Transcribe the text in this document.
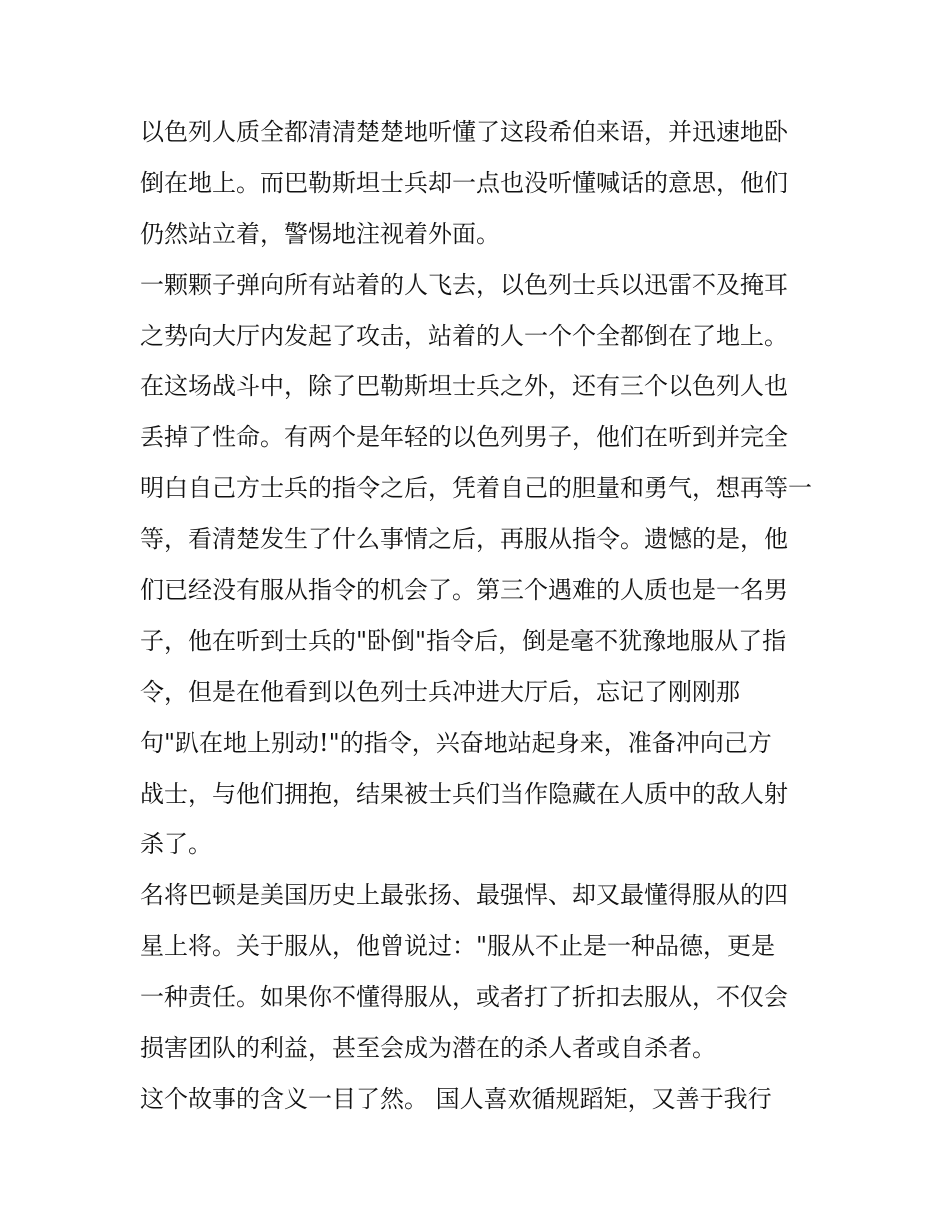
以色列人质全都清清楚楚地听懂了这段希伯来语，并迅速地卧
倒在地上。而巴勒斯坦士兵却一点也没听懂喊话的意思，他们
仍然站立着，警惕地注视着外面。
一颗颗子弹向所有站着的人飞去，以色列士兵以迅雷不及掩耳
之势向大厅内发起了攻击，站着的人一个个全都倒在了地上。
在这场战斗中，除了巴勒斯坦士兵之外，还有三个以色列人也
丢掉了性命。有两个是年轻的以色列男子，他们在听到并完全
明白自己方士兵的指令之后，凭着自己的胆量和勇气，想再等一
等，看清楚发生了什么事情之后，再服从指令。遗憾的是，他
们已经没有服从指令的机会了。第三个遇难的人质也是一名男
子，他在听到士兵的"卧倒"指令后，倒是毫不犹豫地服从了指
令，但是在他看到以色列士兵冲进大厅后，忘记了刚刚那
句"趴在地上别动!"的指令，兴奋地站起身来，准备冲向己方
战士，与他们拥抱，结果被士兵们当作隐藏在人质中的敌人射
杀了。
名将巴顿是美国历史上最张扬、最强悍、却又最懂得服从的四
星上将。关于服从，他曾说过："服从不止是一种品德，更是
一种责任。如果你不懂得服从，或者打了折扣去服从，不仅会
损害团队的利益，甚至会成为潜在的杀人者或自杀者。
这个故事的含义一目了然。 国人喜欢循规蹈矩，又善于我行
